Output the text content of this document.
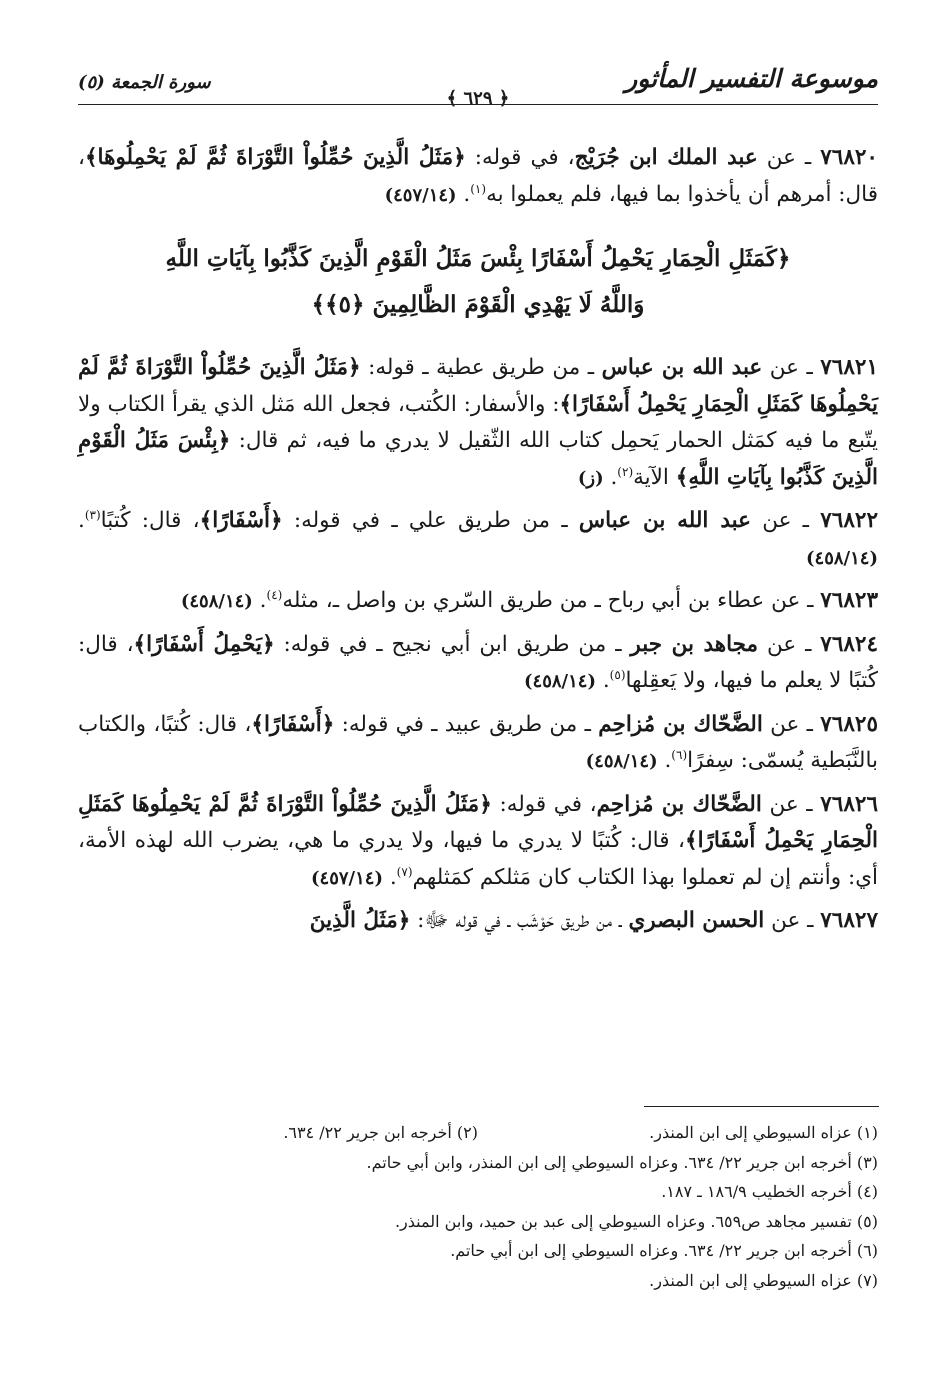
موسوعة التفسير المأثور
﴿ ٦٢٩ ﴾
سورة الجمعة (٥)

٧٦٨٢٠ ـ عن عبد الملك ابن جُرَيْج، في قوله: ﴿مَثَلُ الَّذِينَ حُمِّلُواْ التَّوْرَاةَ ثُمَّ لَمْ يَحْمِلُوهَا﴾، قال: أمرهم أن يأخذوا بما فيها، فلم يعملوا به$^{(١)}$. (٤٥٧/١٤)

﴿كَمَثَلِ الْحِمَارِ يَحْمِلُ أَسْفَارًا بِئْسَ مَثَلُ الْقَوْمِ الَّذِينَ كَذَّبُوا بِآيَاتِ اللَّهِ
وَاللَّهُ لَا يَهْدِي الْقَوْمَ الظَّالِمِينَ ﴿٥﴾﴾

٧٦٨٢١ ـ عن عبد الله بن عباس ـ من طريق عطية ـ قوله: ﴿مَثَلُ الَّذِينَ حُمِّلُواْ التَّوْرَاةَ ثُمَّ لَمْ يَحْمِلُوهَا كَمَثَلِ الْحِمَارِ يَحْمِلُ أَسْفَارًا﴾: والأسفار: الكُتب، فجعل الله مَثل الذي يقرأ الكتاب ولا يتّبع ما فيه كمَثل الحمار يَحمِل كتاب الله الثّقيل لا يدري ما فيه، ثم قال: ﴿بِئْسَ مَثَلُ الْقَوْمِ الَّذِينَ كَذَّبُوا بِآيَاتِ اللَّهِ﴾ الآية$^{(٢)}$. (ز)

٧٦٨٢٢ ـ عن عبد الله بن عباس ـ من طريق علي ـ في قوله: ﴿أَسْفَارًا﴾، قال: كُتبًا$^{(٣)}$. (٤٥٨/١٤)

٧٦٨٢٣ ـ عن عطاء بن أبي رباح ـ من طريق السّري بن واصل ـ، مثله$^{(٤)}$. (٤٥٨/١٤)

٧٦٨٢٤ ـ عن مجاهد بن جبر ـ من طريق ابن أبي نجيح ـ في قوله: ﴿يَحْمِلُ أَسْفَارًا﴾، قال: كُتبًا لا يعلم ما فيها، ولا يَعقِلها$^{(٥)}$. (٤٥٨/١٤)

٧٦٨٢٥ ـ عن الضَّحّاك بن مُزاحِم ـ من طريق عبيد ـ في قوله: ﴿أَسْفَارًا﴾، قال: كُتبًا، والكتاب بالنَّبَطية يُسمّى: سِفرًا$^{(٦)}$. (٤٥٨/١٤)

٧٦٨٢٦ ـ عن الضَّحّاك بن مُزاحِم، في قوله: ﴿مَثَلُ الَّذِينَ حُمِّلُواْ التَّوْرَاةَ ثُمَّ لَمْ يَحْمِلُوهَا كَمَثَلِ الْحِمَارِ يَحْمِلُ أَسْفَارًا﴾، قال: كُتبًا لا يدري ما فيها، ولا يدري ما هي، يضرب الله لهذه الأمة، أي: وأنتم إن لم تعملوا بهذا الكتاب كان مَثلكم كمَثلهم$^{(٧)}$. (٤٥٧/١٤)

٧٦٨٢٧ ـ عن الحسن البصري ـ من طريق حَوْشَب ـ في قوله ﷻ: ﴿مَثَلُ الَّذِينَ

(١) عزاه السيوطي إلى ابن المنذر.
(٢) أخرجه ابن جرير ٢٢/ ٦٣٤.
(٣) أخرجه ابن جرير ٢٢/ ٦٣٤. وعزاه السيوطي إلى ابن المنذر، وابن أبي حاتم.
(٤) أخرجه الخطيب ١٨٦/٩ ـ ١٨٧.
(٥) تفسير مجاهد ص٦٥٩. وعزاه السيوطي إلى عبد بن حميد، وابن المنذر.
(٦) أخرجه ابن جرير ٢٢/ ٦٣٤. وعزاه السيوطي إلى ابن أبي حاتم.
(٧) عزاه السيوطي إلى ابن المنذر.
